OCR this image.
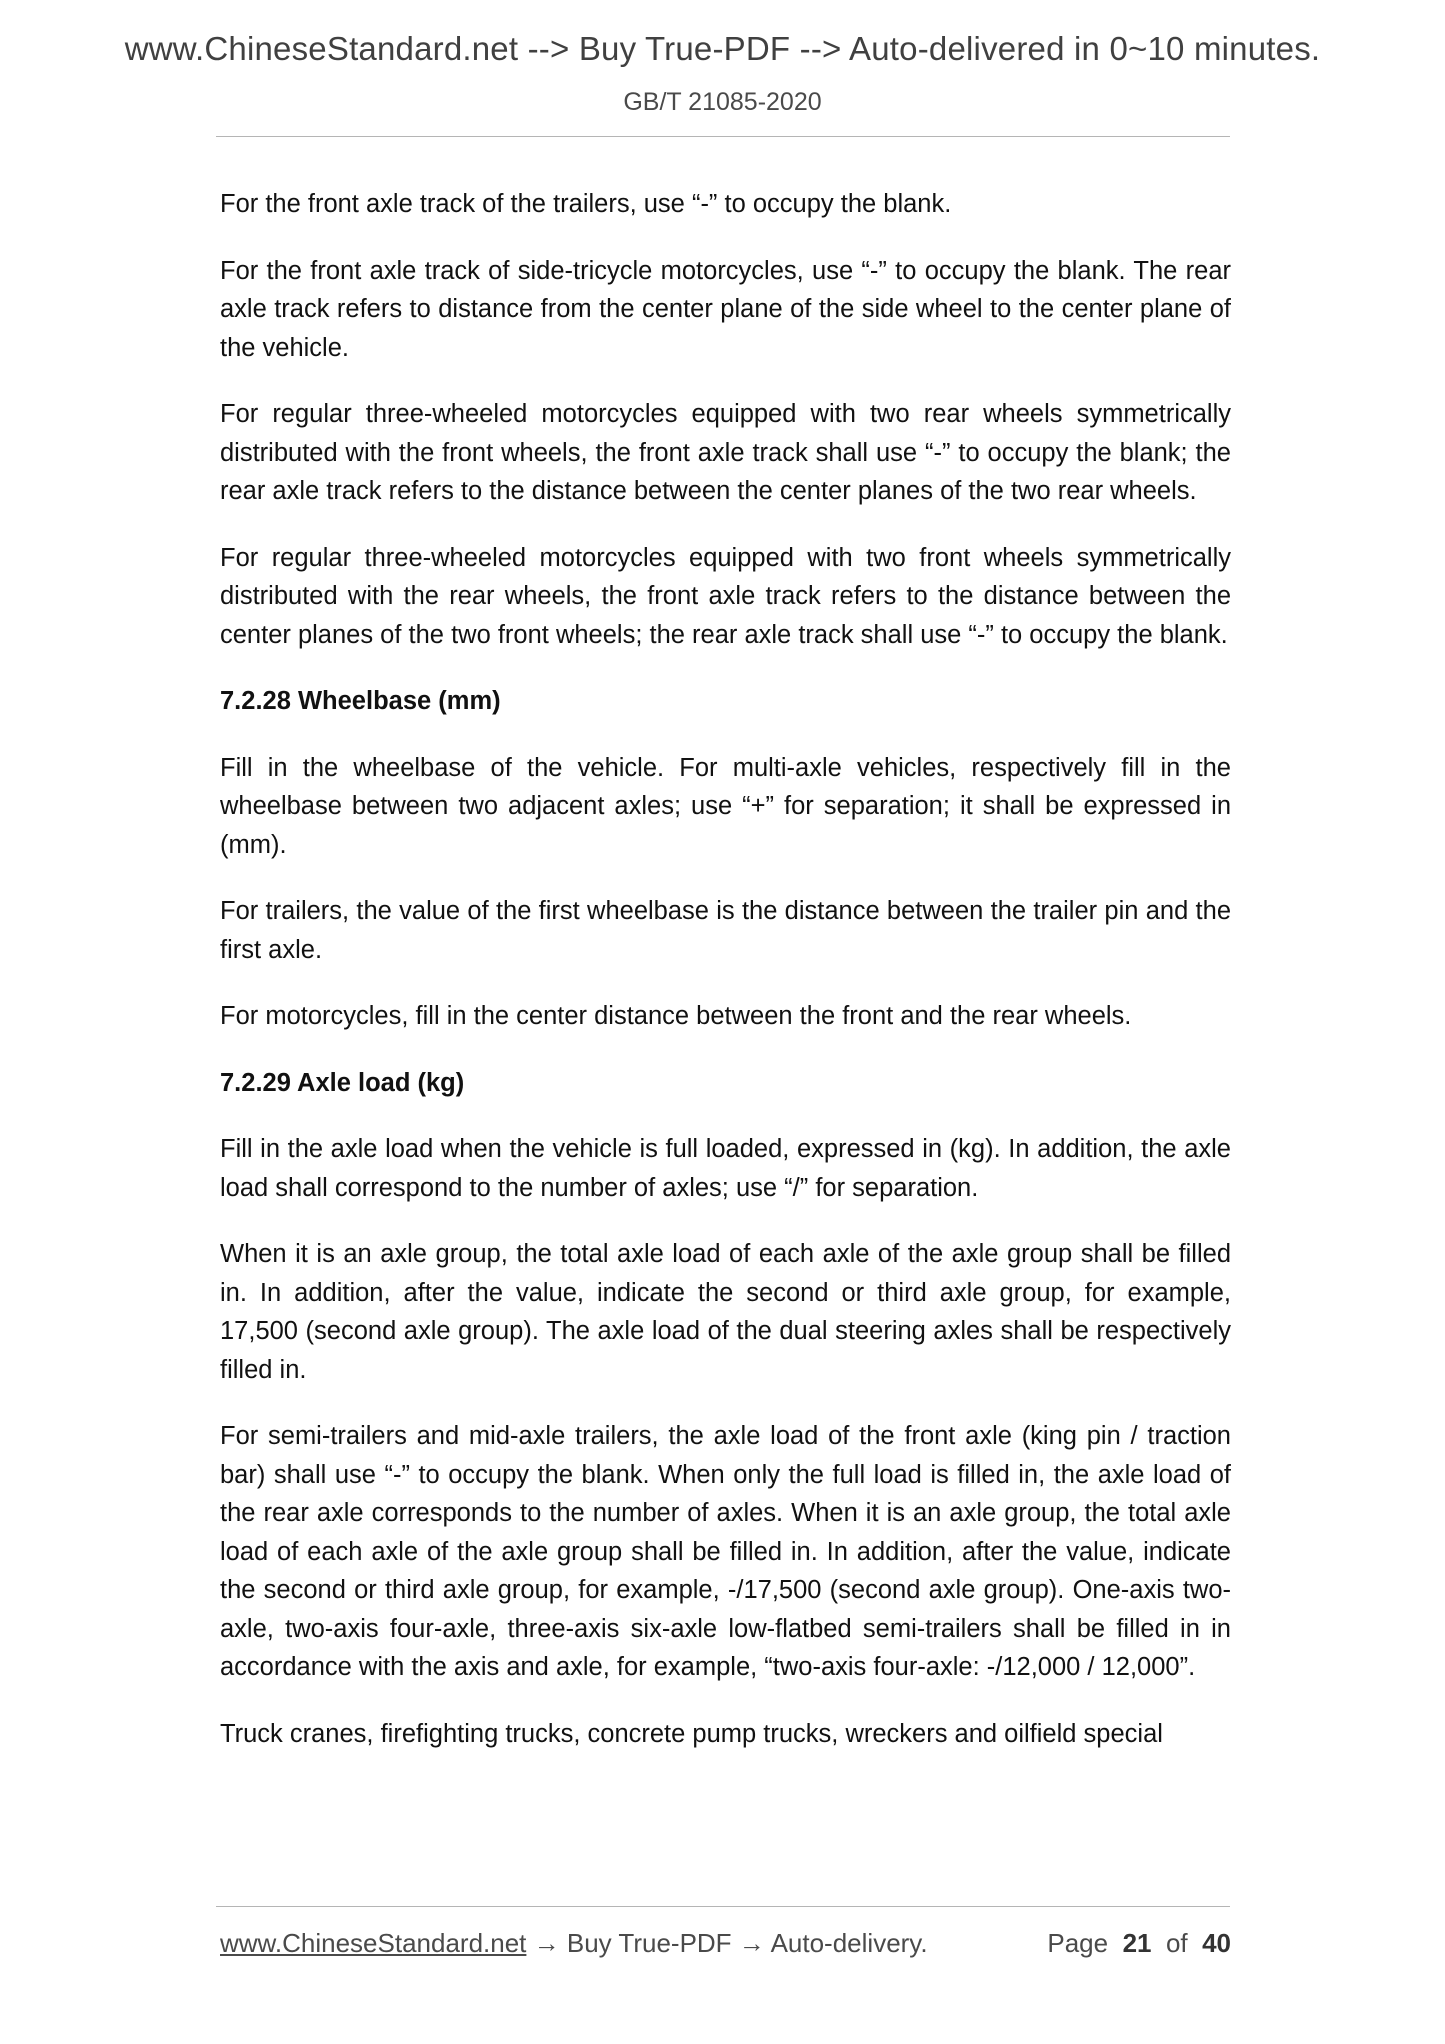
www.ChineseStandard.net --> Buy True-PDF --> Auto-delivered in 0~10 minutes.
GB/T 21085-2020

For the front axle track of the trailers, use “-” to occupy the blank.

For the front axle track of side-tricycle motorcycles, use “-” to occupy the blank. The rear axle track refers to distance from the center plane of the side wheel to the center plane of the vehicle.

For regular three-wheeled motorcycles equipped with two rear wheels symmetrically distributed with the front wheels, the front axle track shall use “-” to occupy the blank; the rear axle track refers to the distance between the center planes of the two rear wheels.

For regular three-wheeled motorcycles equipped with two front wheels symmetrically distributed with the rear wheels, the front axle track refers to the distance between the center planes of the two front wheels; the rear axle track shall use “-” to occupy the blank.

7.2.28 Wheelbase (mm)

Fill in the wheelbase of the vehicle. For multi-axle vehicles, respectively fill in the wheelbase between two adjacent axles; use “+” for separation; it shall be expressed in (mm).

For trailers, the value of the first wheelbase is the distance between the trailer pin and the first axle.

For motorcycles, fill in the center distance between the front and the rear wheels.

7.2.29 Axle load (kg)

Fill in the axle load when the vehicle is full loaded, expressed in (kg). In addition, the axle load shall correspond to the number of axles; use “/” for separation.

When it is an axle group, the total axle load of each axle of the axle group shall be filled in. In addition, after the value, indicate the second or third axle group, for example, 17,500 (second axle group). The axle load of the dual steering axles shall be respectively filled in.

For semi-trailers and mid-axle trailers, the axle load of the front axle (king pin / traction bar) shall use “-” to occupy the blank. When only the full load is filled in, the axle load of the rear axle corresponds to the number of axles. When it is an axle group, the total axle load of each axle of the axle group shall be filled in. In addition, after the value, indicate the second or third axle group, for example, -/17,500 (second axle group). One-axis two-axle, two-axis four-axle, three-axis six-axle low-flatbed semi-trailers shall be filled in in accordance with the axis and axle, for example, “two-axis four-axle: -/12,000 / 12,000”.

Truck cranes, firefighting trucks, concrete pump trucks, wreckers and oilfield special

www.ChineseStandard.net → Buy True-PDF → Auto-delivery.	Page 21 of 40
